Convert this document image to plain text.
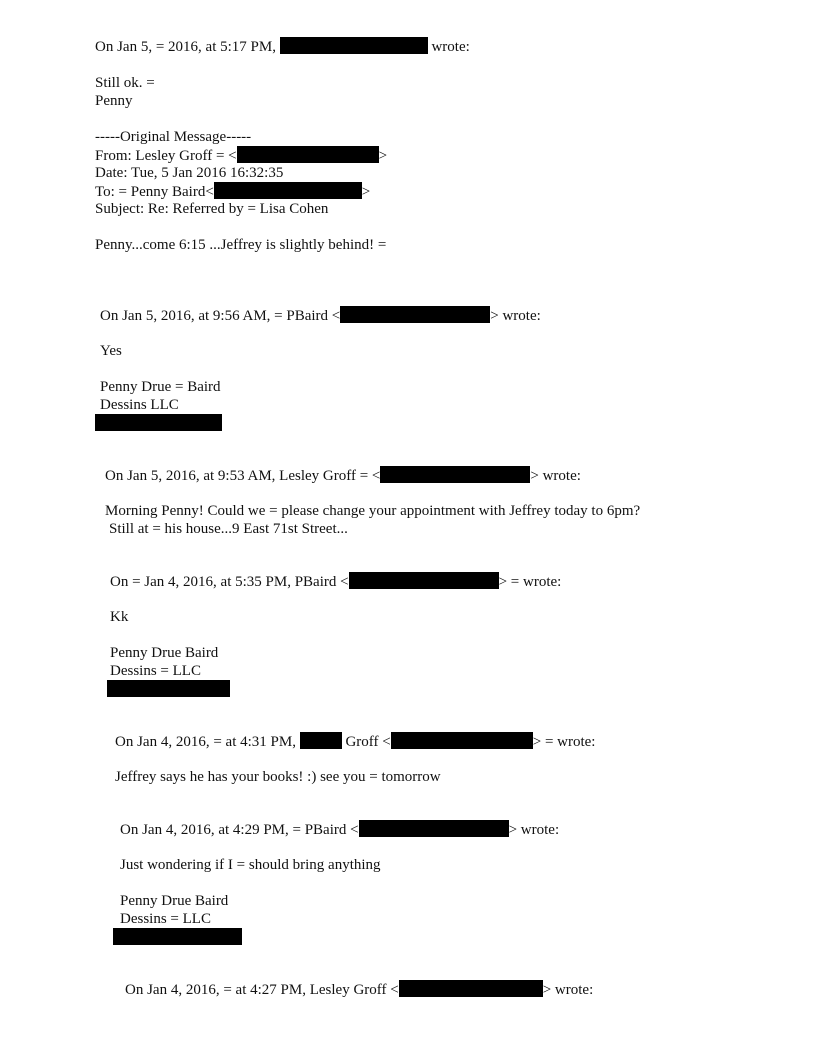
On Jan 5, = 2016, at 5:17 PM,	wrote:
Still ok. =
Penny
-----Original Message-----
From: Lesley Groff = <	>
Date: Tue, 5 Jan 2016 16:32:35
To: = Penny Baird<	>
Subject: Re: Referred by = Lisa Cohen
Penny...come 6:15 ...Jeffrey is slightly behind! =
On Jan 5, 2016, at 9:56 AM, = PBaird <	> wrote:
Yes
Penny Drue = Baird
Dessins LLC
On Jan 5, 2016, at 9:53 AM, Lesley Groff = <	> wrote:
Morning Penny! Could we = please change your appointment with Jeffrey today to 6pm?
Still at = his house...9 East 71st Street...
On = Jan 4, 2016, at 5:35 PM, PBaird <	> = wrote:
Kk
Penny Drue Baird
Dessins = LLC
On Jan 4, 2016, = at 4:31 PM,	Groff <	> = wrote:
Jeffrey says he has your books! :) see you = tomorrow
On Jan 4, 2016, at 4:29 PM, = PBaird <	> wrote:
Just wondering if I = should bring anything
Penny Drue Baird
Dessins = LLC
On Jan 4, 2016, = at 4:27 PM, Lesley Groff <	> wrote:
